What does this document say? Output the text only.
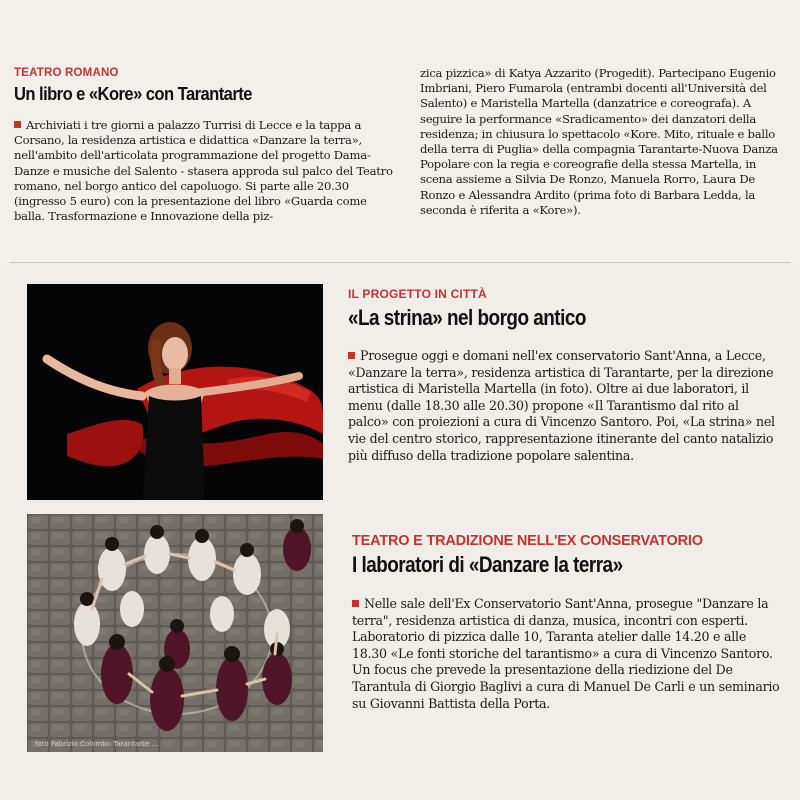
TEATRO ROMANO
Un libro e «Kore» con Tarantarte
Archiviati i tre giorni a palazzo Turrisi di Lecce e la tappa a Corsano, la residenza artistica e didattica «Danzare la terra», nell'ambito dell'articolata programmazione del progetto Dama-Danze e musiche del Salento - stasera approda sul palco del Teatro romano, nel borgo antico del capoluogo. Si parte alle 20.30 (ingresso 5 euro) con la presentazione del libro «Guarda come balla. Trasformazione e Innovazione della piz-
zica pizzica» di Katya Azzarito (Progedit). Partecipano Eugenio Imbriani, Piero Fumarola (entrambi docenti all'Università del Salento) e Maristella Martella (danzatrice e coreografa). A seguire la performance «Sradicamento» dei danzatori della residenza; in chiusura lo spettacolo «Kore. Mito, rituale e ballo della terra di Puglia» della compagnia Tarantarte-Nuova Danza Popolare con la regia e coreografie della stessa Martella, in scena assieme a Silvia De Ronzo, Manuela Rorro, Laura De Ronzo e Alessandra Ardito (prima foto di Barbara Ledda, la seconda è riferita a «Kore»).
foto Fabrizio Colombo Tarantarte ...
IL PROGETTO IN CITTÀ
«La strina» nel borgo antico
Prosegue oggi e domani nell'ex conservatorio Sant'Anna, a Lecce, «Danzare la terra», residenza artistica di Tarantarte, per la direzione artistica di Maristella Martella (in foto). Oltre ai due laboratori, il menu (dalle 18.30 alle 20.30) propone «Il Tarantismo dal rito al palco» con proiezioni a cura di Vincenzo Santoro. Poi, «La strina» nel vie del centro storico, rappresentazione itinerante del canto natalizio più diffuso della tradizione popolare salentina.
TEATRO E TRADIZIONE NELL'EX CONSERVATORIO
I laboratori di «Danzare la terra»
Nelle sale dell'Ex Conservatorio Sant'Anna, prosegue "Danzare la terra", residenza artistica di danza, musica, incontri con esperti. Laboratorio di pizzica dalle 10, Taranta atelier dalle 14.20 e alle 18.30 «Le fonti storiche del tarantismo» a cura di Vincenzo Santoro. Un focus che prevede la presentazione della riedizione del De Tarantula di Giorgio Baglivi a cura di Manuel De Carli e un seminario su Giovanni Battista della Porta.
